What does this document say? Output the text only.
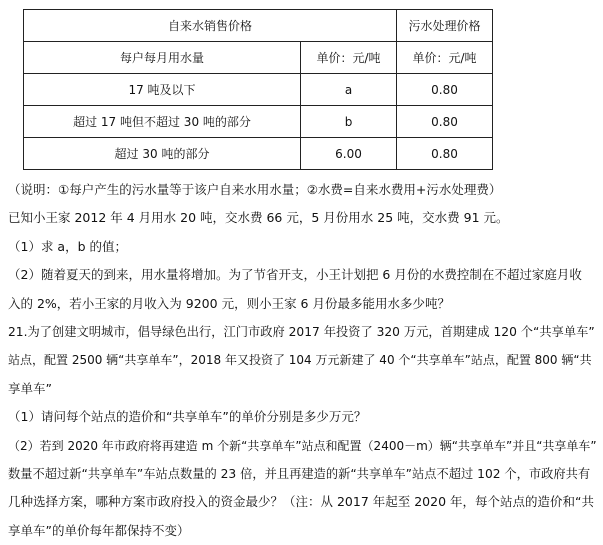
自来水销售价格		污水处理价格
每户每月用水量	单价：元/吨	单价：元/吨
17 吨及以下	a	0.80
超过 17 吨但不超过 30 吨的部分	b	0.80
超过 30 吨的部分	6.00	0.80
（说明：①每户产生的污水量等于该户自来水用水量；②水费=自来水费用+污水处理费）
已知小王家 2012 年 4 月用水 20 吨，交水费 66 元，5 月份用水 25 吨，交水费 91 元。
（1）求 a，b 的值；
（2）随着夏天的到来，用水量将增加。为了节省开支，小王计划把 6 月份的水费控制在不超过家庭月收
入的 2%，若小王家的月收入为 9200 元，则小王家 6 月份最多能用水多少吨？
21.为了创建文明城市，倡导绿色出行，江门市政府 2017 年投资了 320 万元，首期建成 120 个“共享单车”
站点，配置 2500 辆“共享单车”，2018 年又投资了 104 万元新建了 40 个“共享单车”站点，配置 800 辆“共
享单车”
（1）请问每个站点的造价和“共享单车”的单价分别是多少万元？
（2）若到 2020 年市政府将再建造 m 个新“共享单车”站点和配置（2400－m）辆“共享单车”并且“共享单车”
数量不超过新“共享单车”车站点数量的 23 倍，并且再建造的新“共享单车”站点不超过 102 个，市政府共有
几种选择方案，哪种方案市政府投入的资金最少？（注：从 2017 年起至 2020 年，每个站点的造价和“共
享单车”的单价每年都保持不变）
